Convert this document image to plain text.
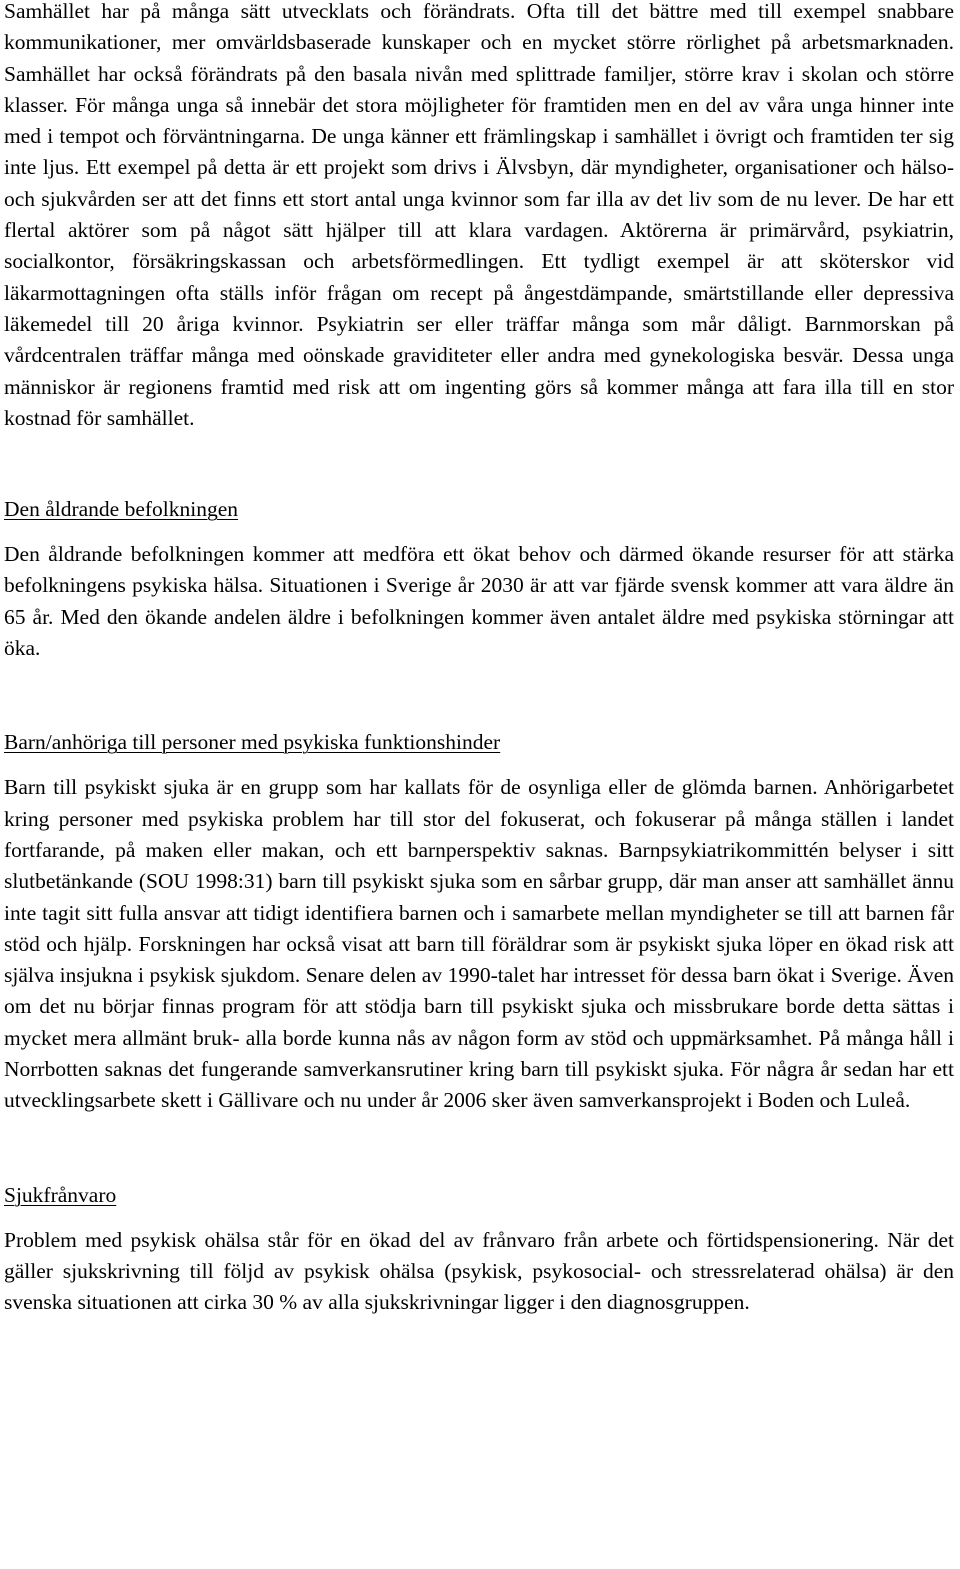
Samhället har på många sätt utvecklats och förändrats. Ofta till det bättre med till exempel snabbare kommunikationer, mer omvärldsbaserade kunskaper och en mycket större rörlighet på arbetsmarknaden. Samhället har också förändrats på den basala nivån med splittrade familjer, större krav i skolan och större klasser. För många unga så innebär det stora möjligheter för framtiden men en del av våra unga hinner inte med i tempot och förväntningarna. De unga känner ett främlingskap i samhället i övrigt och framtiden ter sig inte ljus. Ett exempel på detta är ett projekt som drivs i Älvsbyn, där myndigheter, organisationer och hälso- och sjukvården ser att det finns ett stort antal unga kvinnor som far illa av det liv som de nu lever. De har ett flertal aktörer som på något sätt hjälper till att klara vardagen. Aktörerna är primärvård, psykiatrin, socialkontor, försäkringskassan och arbetsförmedlingen. Ett tydligt exempel är att sköterskor vid läkarmottagningen ofta ställs inför frågan om recept på ångestdämpande, smärtstillande eller depressiva läkemedel till 20 åriga kvinnor. Psykiatrin ser eller träffar många som mår dåligt. Barnmorskan på vårdcentralen träffar många med oönskade graviditeter eller andra med gynekologiska besvär. Dessa unga människor är regionens framtid med risk att om ingenting görs så kommer många att fara illa till en stor kostnad för samhället.

Den åldrande befolkningen

Den åldrande befolkningen kommer att medföra ett ökat behov och därmed ökande resurser för att stärka befolkningens psykiska hälsa. Situationen i Sverige år 2030 är att var fjärde svensk kommer att vara äldre än 65 år. Med den ökande andelen äldre i befolkningen kommer även antalet äldre med psykiska störningar att öka.

Barn/anhöriga till personer med psykiska funktionshinder

Barn till psykiskt sjuka är en grupp som har kallats för de osynliga eller de glömda barnen. Anhörigarbetet kring personer med psykiska problem har till stor del fokuserat, och fokuserar på många ställen i landet fortfarande, på maken eller makan, och ett barnperspektiv saknas. Barnpsykiatrikommittén belyser i sitt slutbetänkande (SOU 1998:31) barn till psykiskt sjuka som en sårbar grupp, där man anser att samhället ännu inte tagit sitt fulla ansvar att tidigt identifiera barnen och i samarbete mellan myndigheter se till att barnen får stöd och hjälp. Forskningen har också visat att barn till föräldrar som är psykiskt sjuka löper en ökad risk att själva insjukna i psykisk sjukdom. Senare delen av 1990-talet har intresset för dessa barn ökat i Sverige. Även om det nu börjar finnas program för att stödja barn till psykiskt sjuka och missbrukare borde detta sättas i mycket mera allmänt bruk- alla borde kunna nås av någon form av stöd och uppmärksamhet. På många håll i Norrbotten saknas det fungerande samverkansrutiner kring barn till psykiskt sjuka. För några år sedan har ett utvecklingsarbete skett i Gällivare och nu under år 2006 sker även samverkansprojekt i Boden och Luleå.

Sjukfrånvaro

Problem med psykisk ohälsa står för en ökad del av frånvaro från arbete och förtidspensionering. När det gäller sjukskrivning till följd av psykisk ohälsa (psykisk, psykosocial- och stressrelaterad ohälsa) är den svenska situationen att cirka 30 % av alla sjukskrivningar ligger i den diagnosgruppen.
